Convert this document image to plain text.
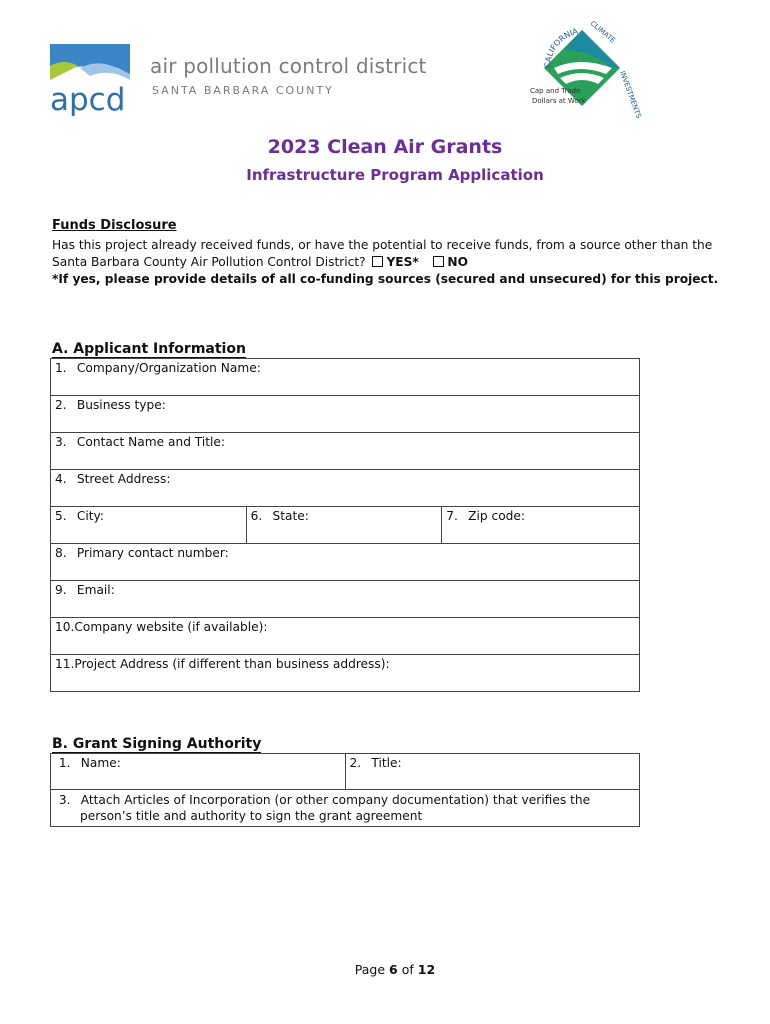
apcd
air pollution control district
SANTA BARBARA COUNTY
CALIFORNIA CLIMATE
INVESTMENTS
Cap and Trade
Dollars at Work
2023 Clean Air Grants
Infrastructure Program Application
Funds Disclosure
Has this project already received funds, or have the potential to receive funds, from a source other than the
Santa Barbara County Air Pollution Control District? YES* NO
*If yes, please provide details of all co-funding sources (secured and unsecured) for this project.
A. Applicant Information
1. Company/Organization Name:
2. Business type:
3. Contact Name and Title:
4. Street Address:
5. City:	6. State:	7. Zip code:
8. Primary contact number:
9. Email:
10.Company website (if available):
11.Project Address (if different than business address):
B. Grant Signing Authority
1. Name:	2. Title:

3. Attach Articles of Incorporation (or other company documentation) that verifies the
person’s title and authority to sign the grant agreement
Page 6 of 12
